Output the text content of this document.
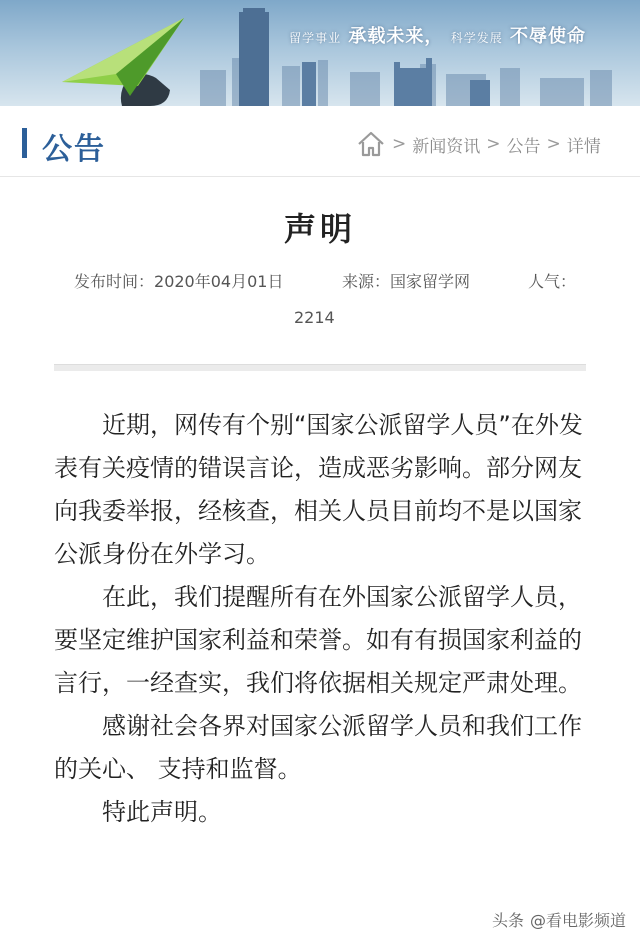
留学事业 承载未来， 科学发展 不辱使命
公告	> 新闻资讯 > 公告 > 详情
声明
发布时间：2020年04月01日	来源：国家留学网	人气：
2214

近期，网传有个别“国家公派留学人员”在外发表有关疫情的错误言论，造成恶劣影响。部分网友向我委举报，经核查，相关人员目前均不是以国家公派身份在外学习。

在此，我们提醒所有在外国家公派留学人员，要坚定维护国家利益和荣誉。如有有损国家利益的言行，一经查实，我们将依据相关规定严肃处理。

感谢社会各界对国家公派留学人员和我们工作的关心、 支持和监督。

特此声明。

头条 @看电影频道
